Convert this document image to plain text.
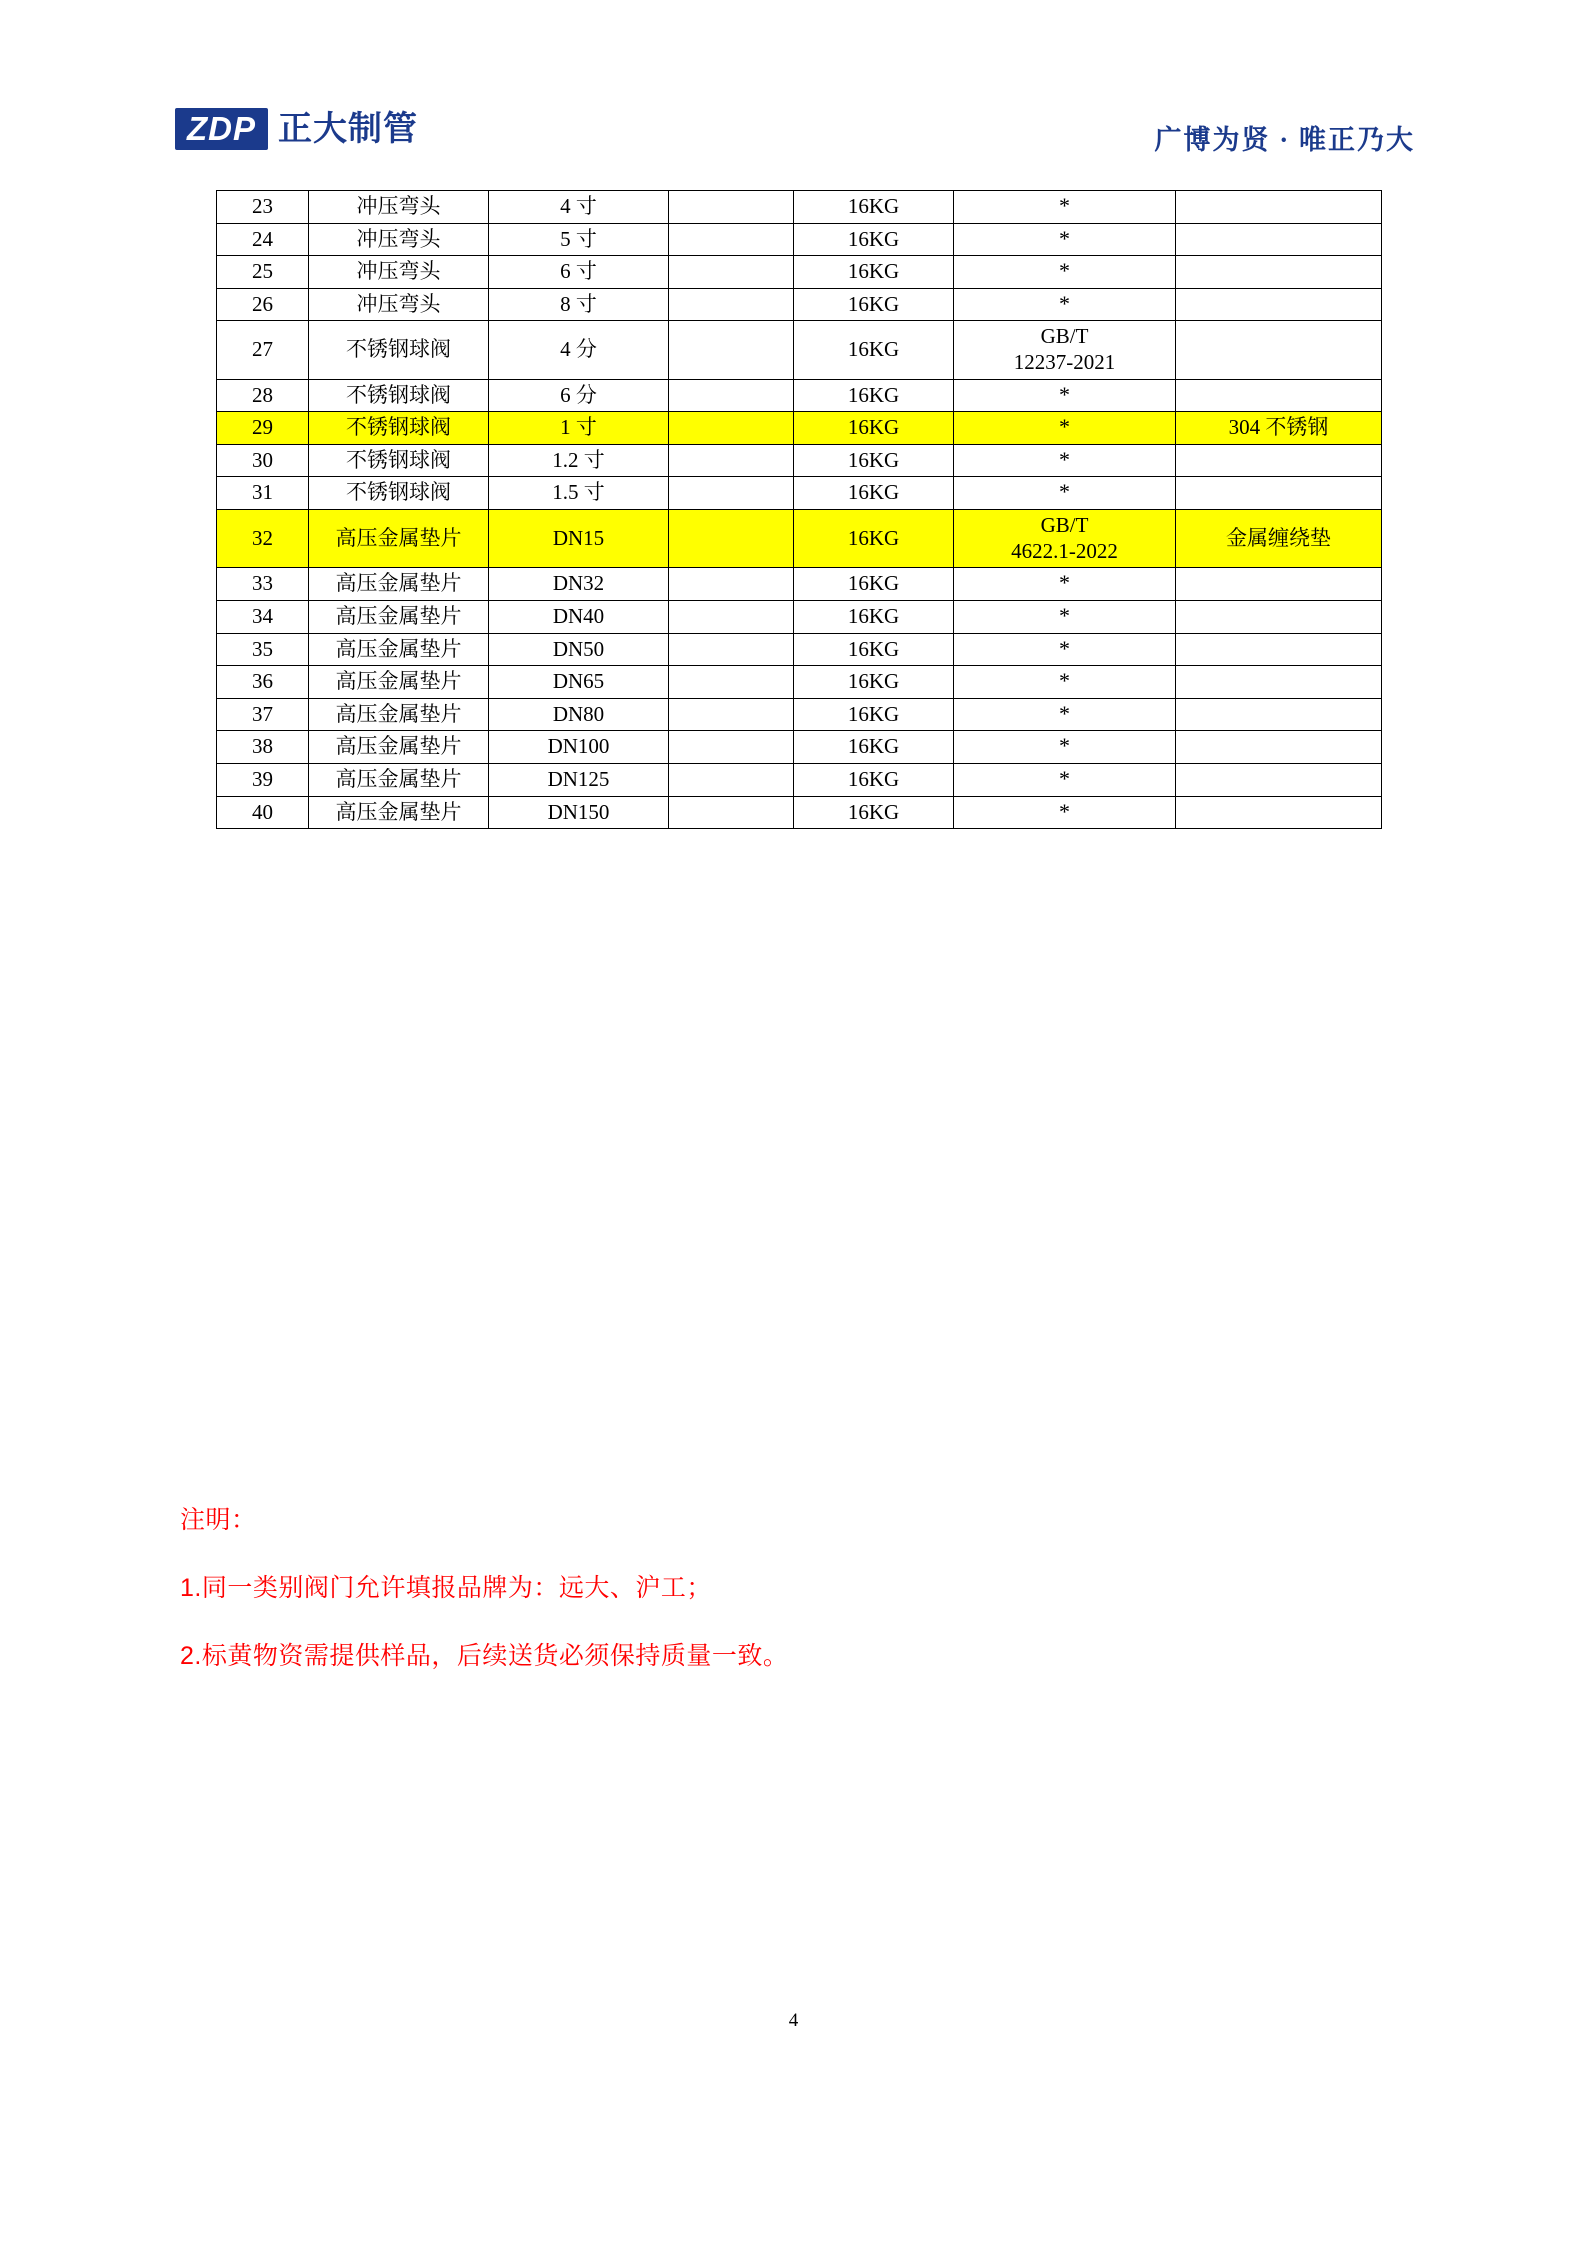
ZDP 正大制管	广博为贤 · 唯正乃大
23	冲压弯头	4 寸		16KG	*	
24	冲压弯头	5 寸		16KG	*	
25	冲压弯头	6 寸		16KG	*	
26	冲压弯头	8 寸		16KG	*	
27	不锈钢球阀	4 分		16KG	GB/T
12237-2021	
28	不锈钢球阀	6 分		16KG	*	
29	不锈钢球阀	1 寸		16KG	*	304 不锈钢
30	不锈钢球阀	1.2 寸		16KG	*	
31	不锈钢球阀	1.5 寸		16KG	*	
32	高压金属垫片	DN15		16KG	GB/T
4622.1-2022	金属缠绕垫
33	高压金属垫片	DN32		16KG	*	
34	高压金属垫片	DN40		16KG	*	
35	高压金属垫片	DN50		16KG	*	
36	高压金属垫片	DN65		16KG	*	
37	高压金属垫片	DN80		16KG	*	
38	高压金属垫片	DN100		16KG	*	
39	高压金属垫片	DN125		16KG	*	
40	高压金属垫片	DN150		16KG	*	
注明：
1.同一类别阀门允许填报品牌为：远大、沪工；
2.标黄物资需提供样品，后续送货必须保持质量一致。
4
